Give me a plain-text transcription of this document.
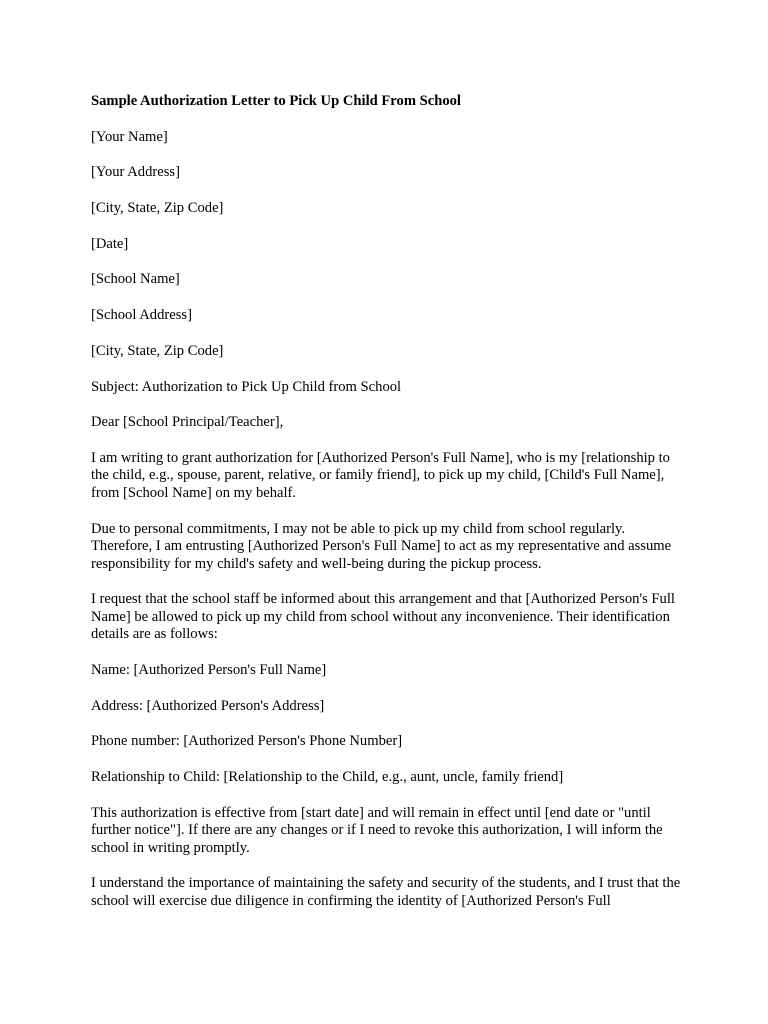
Sample Authorization Letter to Pick Up Child From School

[Your Name]

[Your Address]

[City, State, Zip Code]

[Date]

[School Name]

[School Address]

[City, State, Zip Code]

Subject: Authorization to Pick Up Child from School

Dear [School Principal/Teacher],

I am writing to grant authorization for [Authorized Person's Full Name], who is my [relationship to the child, e.g., spouse, parent, relative, or family friend], to pick up my child, [Child's Full Name], from [School Name] on my behalf.

Due to personal commitments, I may not be able to pick up my child from school regularly. Therefore, I am entrusting [Authorized Person's Full Name] to act as my representative and assume responsibility for my child's safety and well-being during the pickup process.

I request that the school staff be informed about this arrangement and that [Authorized Person's Full Name] be allowed to pick up my child from school without any inconvenience. Their identification details are as follows:

Name: [Authorized Person's Full Name]

Address: [Authorized Person's Address]

Phone number: [Authorized Person's Phone Number]

Relationship to Child: [Relationship to the Child, e.g., aunt, uncle, family friend]

This authorization is effective from [start date] and will remain in effect until [end date or "until further notice"]. If there are any changes or if I need to revoke this authorization, I will inform the school in writing promptly.

I understand the importance of maintaining the safety and security of the students, and I trust that the school will exercise due diligence in confirming the identity of [Authorized Person's Full
